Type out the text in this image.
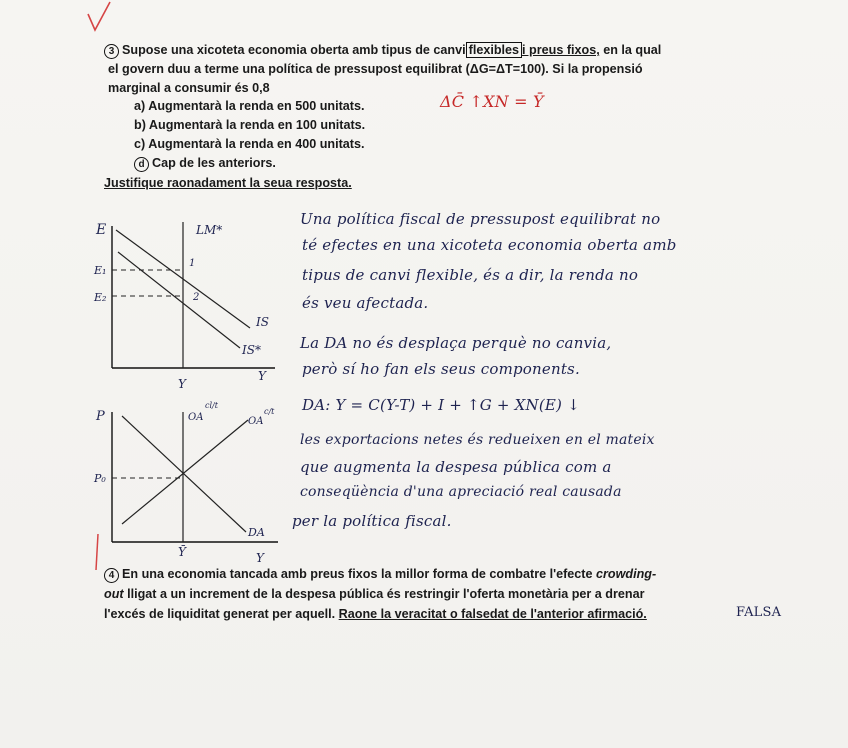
3 Supose una xicoteta economia oberta amb tipus de canvi flexibles i preus fixos, en la qual
el govern duu a terme una política de pressupost equilibrat (ΔG=ΔT=100). Si la propensió
marginal a consumir és 0,8
a) Augmentarà la renda en 500 unitats.
b) Augmentarà la renda en 100 unitats.
c) Augmentarà la renda en 400 unitats.
d Cap de les anteriors.
Justifique raonadament la seua resposta.
ΔC̄ ↑XN = Ȳ
Una política fiscal de pressupost equilibrat no
té efectes en una xicoteta economia oberta amb
tipus de canvi flexible, és a dir, la renda no
és veu afectada.
La DA no és desplaça perquè no canvia,
però sí ho fan els seus components.
DA: Y = C(Y-T) + I + ↑G + XN(E) ↓
les exportacions netes és redueixen en el mateix
que augmenta la despesa pública com a
conseqüència d'una apreciació real causada
per la política fiscal.
E
E₁
E₂
LM*
1
2
IS
IS*
Y
Y
P
P₀
OA
cl/t
OA
c/t
DA
Ȳ	Y
4 En una economia tancada amb preus fixos la millor forma de combatre l'efecte crowding-
out lligat a un increment de la despesa pública és restringir l'oferta monetària per a drenar
l'excés de liquiditat generat per aquell. Raone la veracitat o falsedat de l'anterior afirmació.	FALSA
